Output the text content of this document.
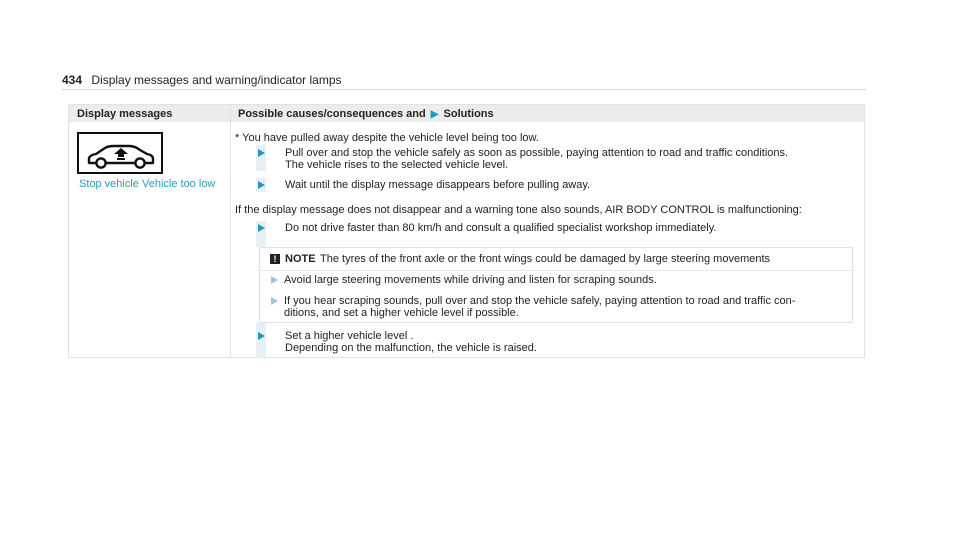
434 Display messages and warning/indicator lamps
Display messages	Possible causes/consequences and ▶ Solutions
Stop vehicle Vehicle too low
* You have pulled away despite the vehicle level being too low.
Pull over and stop the vehicle safely as soon as possible, paying attention to road and traffic conditions.
The vehicle rises to the selected vehicle level.
Wait until the display message disappears before pulling away.
If the display message does not disappear and a warning tone also sounds, AIR BODY CONTROL is malfunctioning:
Do not drive faster than 80 km/h and consult a qualified specialist workshop immediately.
! NOTE The tyres of the front axle or the front wings could be damaged by large steering movements
Avoid large steering movements while driving and listen for scraping sounds.
If you hear scraping sounds, pull over and stop the vehicle safely, paying attention to road and traffic con-
ditions, and set a higher vehicle level if possible.
Set a higher vehicle level .
Depending on the malfunction, the vehicle is raised.
